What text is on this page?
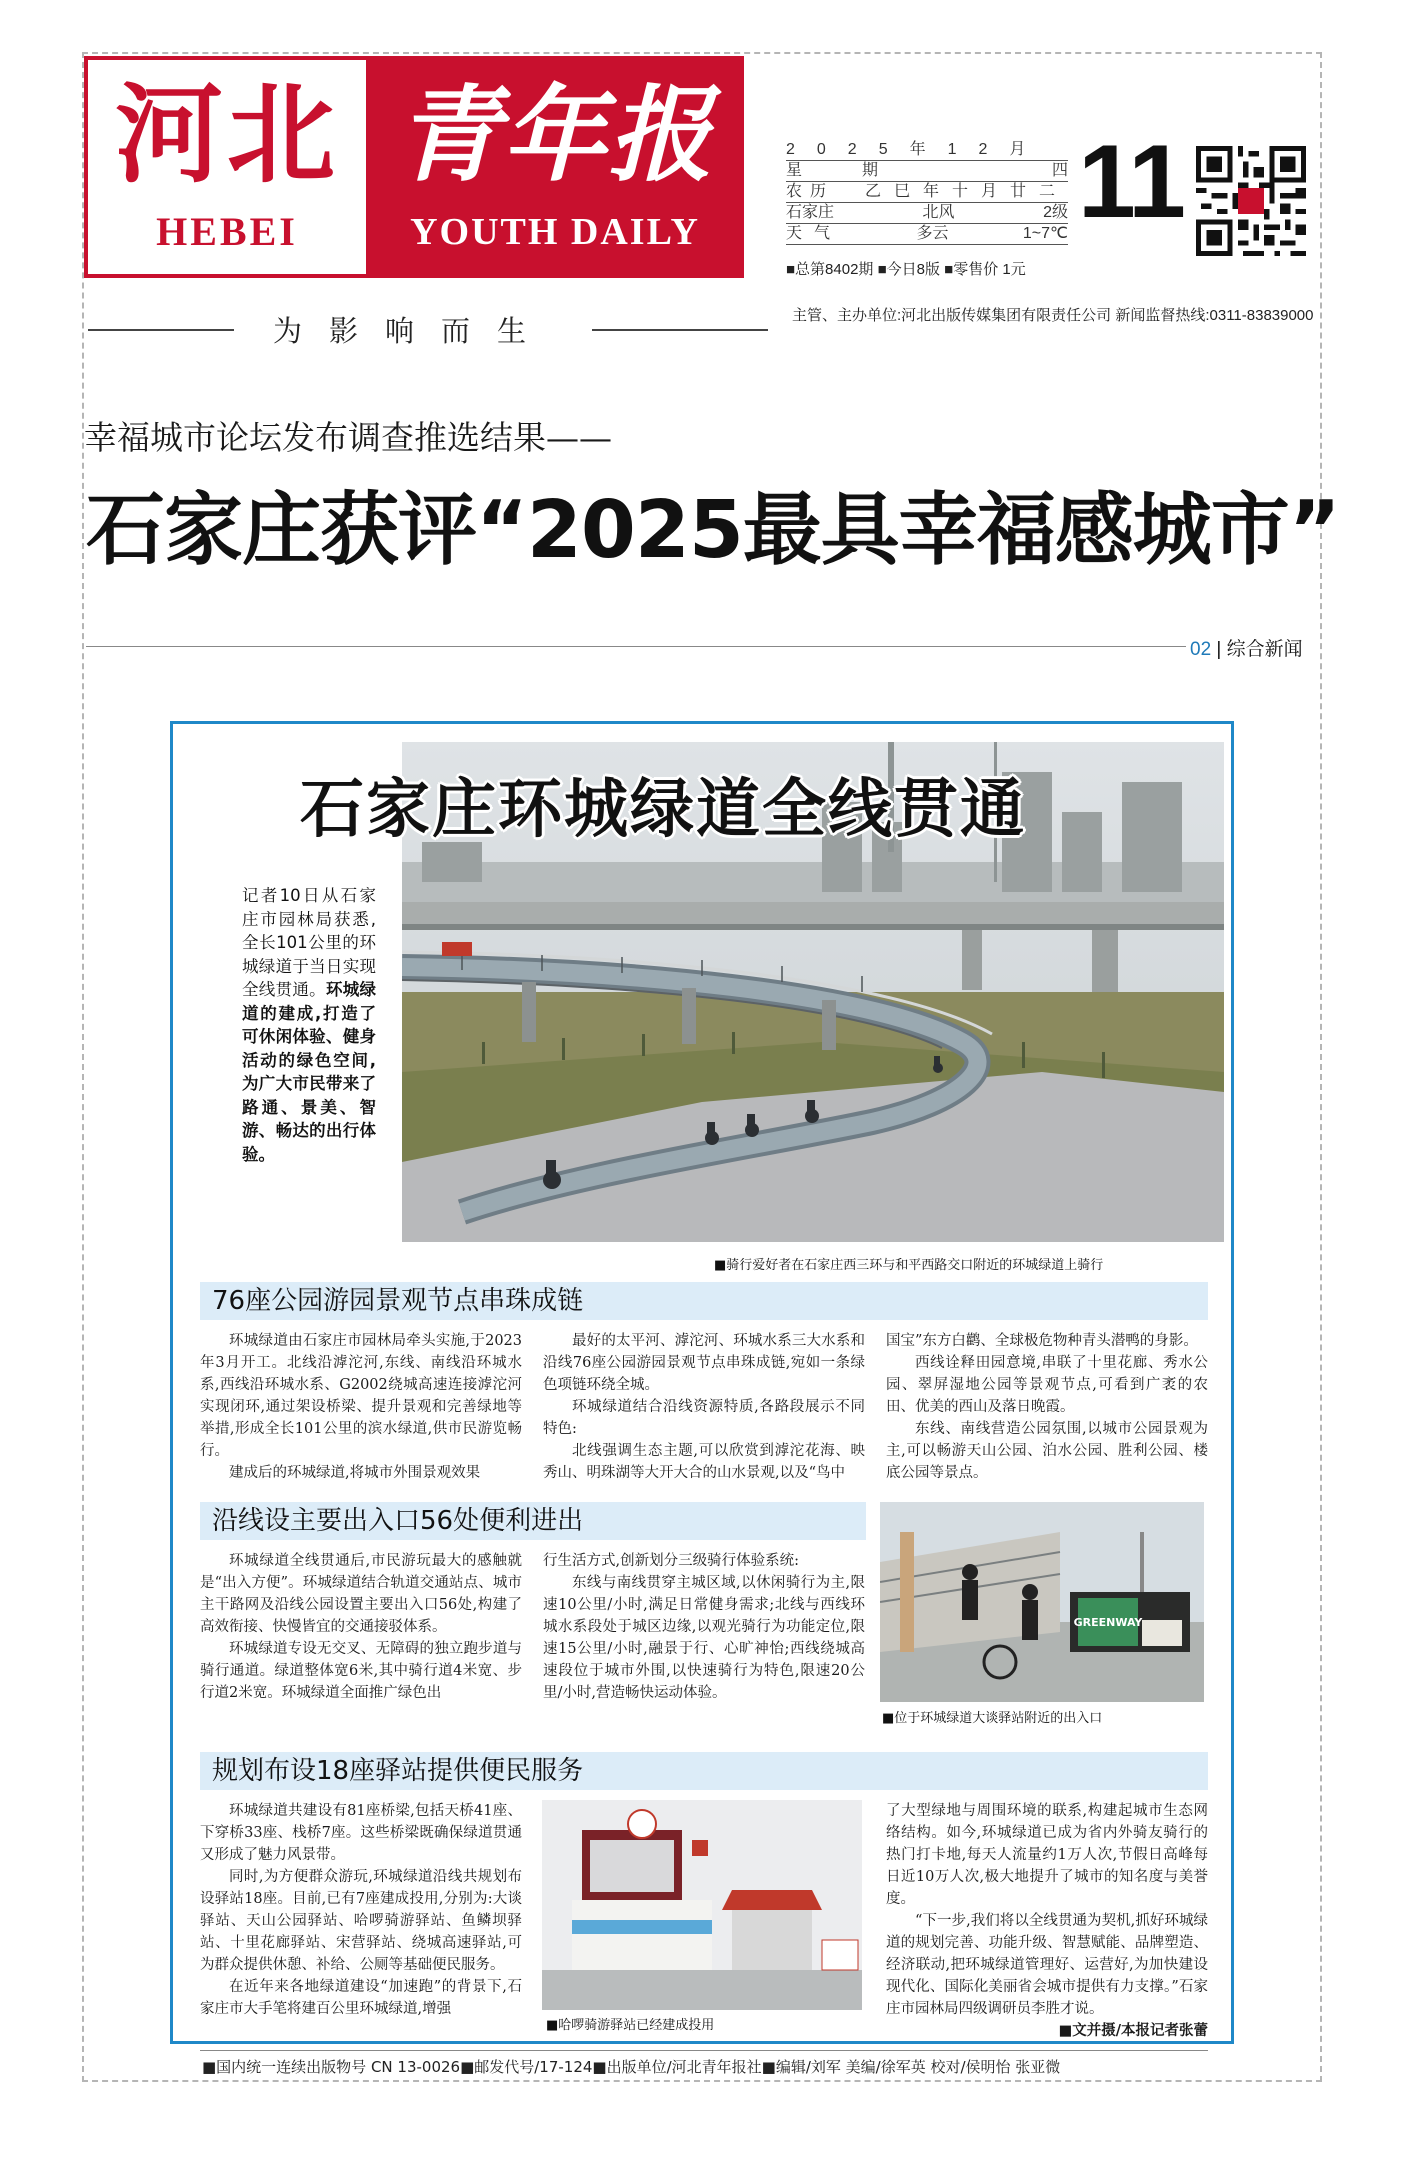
河北
HEBEI
青年报
YOUTH DAILY
2025年12月
星期	四
农历 乙巳年十月廿二
石家庄	北风	2级
天气	多云	1~7℃
■总第8402期 ■今日8版 ■零售价 1元
11
为影响而生	主管、主办单位:河北出版传媒集团有限责任公司 新闻监督热线:0311-83839000
幸福城市论坛发布调查推选结果——
石家庄获评“2025最具幸福感城市”
02 | 综合新闻
石家庄环城绿道全线贯通
记者10日从石家庄市园林局获悉,全长101公里的环城绿道于当日实现全线贯通。环城绿道的建成,打造了可休闲体验、健身活动的绿色空间,为广大市民带来了路通、景美、智游、畅达的出行体验。
■骑行爱好者在石家庄西三环与和平西路交口附近的环城绿道上骑行
76座公园游园景观节点串珠成链

环城绿道由石家庄市园林局牵头实施,于2023年3月开工。北线沿滹沱河,东线、南线沿环城水系,西线沿环城水系、G2002绕城高速连接滹沱河实现闭环,通过架设桥梁、提升景观和完善绿地等举措,形成全长101公里的滨水绿道,供市民游览畅行。

建成后的环城绿道,将城市外围景观效果

最好的太平河、滹沱河、环城水系三大水系和沿线76座公园游园景观节点串珠成链,宛如一条绿色项链环绕全城。

环城绿道结合沿线资源特质,各路段展示不同特色:

北线强调生态主题,可以欣赏到滹沱花海、映秀山、明珠湖等大开大合的山水景观,以及“鸟中

国宝”东方白鹳、全球极危物种青头潜鸭的身影。

西线诠释田园意境,串联了十里花廊、秀水公园、翠屏湿地公园等景观节点,可看到广袤的农田、优美的西山及落日晚霞。

东线、南线营造公园氛围,以城市公园景观为主,可以畅游天山公园、泊水公园、胜利公园、楼底公园等景点。

沿线设主要出入口56处便利进出

环城绿道全线贯通后,市民游玩最大的感触就是“出入方便”。环城绿道结合轨道交通站点、城市主干路网及沿线公园设置主要出入口56处,构建了高效衔接、快慢皆宜的交通接驳体系。

环城绿道专设无交叉、无障碍的独立跑步道与骑行通道。绿道整体宽6米,其中骑行道4米宽、步行道2米宽。环城绿道全面推广绿色出

行生活方式,创新划分三级骑行体验系统:

东线与南线贯穿主城区域,以休闲骑行为主,限速10公里/小时,满足日常健身需求;北线与西线环城水系段处于城区边缘,以观光骑行为功能定位,限速15公里/小时,融景于行、心旷神怡;西线绕城高速段位于城市外围,以快速骑行为特色,限速20公里/小时,营造畅快运动体验。

GREENWAY
■位于环城绿道大谈驿站附近的出入口
规划布设18座驿站提供便民服务

环城绿道共建设有81座桥梁,包括天桥41座、下穿桥33座、栈桥7座。这些桥梁既确保绿道贯通又形成了魅力风景带。

同时,为方便群众游玩,环城绿道沿线共规划布设驿站18座。目前,已有7座建成投用,分别为:大谈驿站、天山公园驿站、哈啰骑游驿站、鱼鳞坝驿站、十里花廊驿站、宋营驿站、绕城高速驿站,可为群众提供休憩、补给、公厕等基础便民服务。

在近年来各地绿道建设“加速跑”的背景下,石家庄市大手笔将建百公里环城绿道,增强

■哈啰骑游驿站已经建成投用

了大型绿地与周围环境的联系,构建起城市生态网络结构。如今,环城绿道已成为省内外骑友骑行的热门打卡地,每天人流量约1万人次,节假日高峰每日近10万人次,极大地提升了城市的知名度与美誉度。

“下一步,我们将以全线贯通为契机,抓好环城绿道的规划完善、功能升级、智慧赋能、品牌塑造、经济联动,把环城绿道管理好、运营好,为加快建设现代化、国际化美丽省会城市提供有力支撑。”石家庄市园林局四级调研员李胜才说。

■文并摄/本报记者张蕾

■国内统一连续出版物号 CN 13-0026■邮发代号/17-124■出版单位/河北青年报社■编辑/刘军 美编/徐军英 校对/侯明怡 张亚微
